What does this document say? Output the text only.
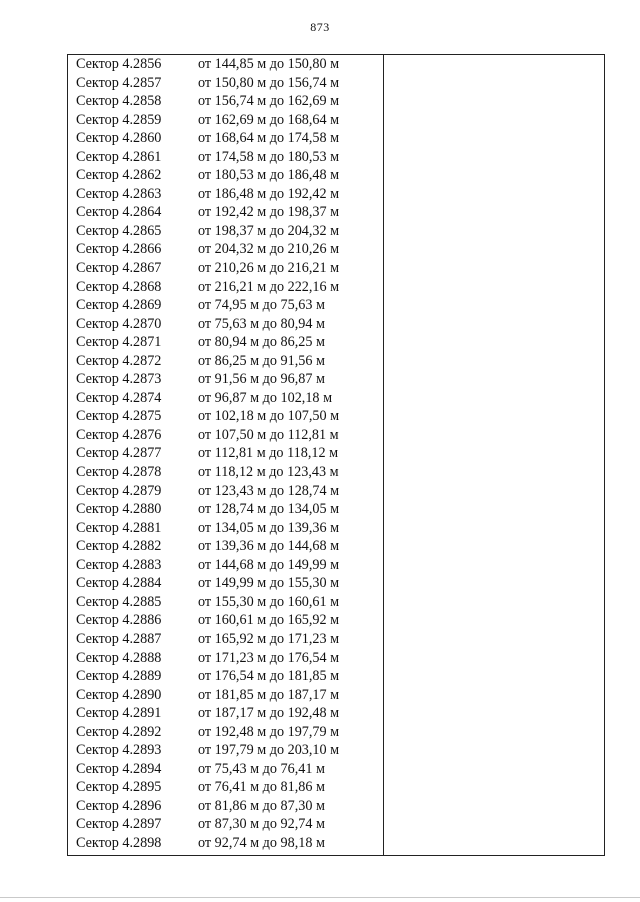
873
Сектор 4.2856	от 144,85 м до 150,80 м
Сектор 4.2857	от 150,80 м до 156,74 м
Сектор 4.2858	от 156,74 м до 162,69 м
Сектор 4.2859	от 162,69 м до 168,64 м
Сектор 4.2860	от 168,64 м до 174,58 м
Сектор 4.2861	от 174,58 м до 180,53 м
Сектор 4.2862	от 180,53 м до 186,48 м
Сектор 4.2863	от 186,48 м до 192,42 м
Сектор 4.2864	от 192,42 м до 198,37 м
Сектор 4.2865	от 198,37 м до 204,32 м
Сектор 4.2866	от 204,32 м до 210,26 м
Сектор 4.2867	от 210,26 м до 216,21 м
Сектор 4.2868	от 216,21 м до 222,16 м
Сектор 4.2869	от 74,95 м до 75,63 м
Сектор 4.2870	от 75,63 м до 80,94 м
Сектор 4.2871	от 80,94 м до 86,25 м
Сектор 4.2872	от 86,25 м до 91,56 м
Сектор 4.2873	от 91,56 м до 96,87 м
Сектор 4.2874	от 96,87 м до 102,18 м
Сектор 4.2875	от 102,18 м до 107,50 м
Сектор 4.2876	от 107,50 м до 112,81 м
Сектор 4.2877	от 112,81 м до 118,12 м
Сектор 4.2878	от 118,12 м до 123,43 м
Сектор 4.2879	от 123,43 м до 128,74 м
Сектор 4.2880	от 128,74 м до 134,05 м
Сектор 4.2881	от 134,05 м до 139,36 м
Сектор 4.2882	от 139,36 м до 144,68 м
Сектор 4.2883	от 144,68 м до 149,99 м
Сектор 4.2884	от 149,99 м до 155,30 м
Сектор 4.2885	от 155,30 м до 160,61 м
Сектор 4.2886	от 160,61 м до 165,92 м
Сектор 4.2887	от 165,92 м до 171,23 м
Сектор 4.2888	от 171,23 м до 176,54 м
Сектор 4.2889	от 176,54 м до 181,85 м
Сектор 4.2890	от 181,85 м до 187,17 м
Сектор 4.2891	от 187,17 м до 192,48 м
Сектор 4.2892	от 192,48 м до 197,79 м
Сектор 4.2893	от 197,79 м до 203,10 м
Сектор 4.2894	от 75,43 м до 76,41 м
Сектор 4.2895	от 76,41 м до 81,86 м
Сектор 4.2896	от 81,86 м до 87,30 м
Сектор 4.2897	от 87,30 м до 92,74 м
Сектор 4.2898	от 92,74 м до 98,18 м
